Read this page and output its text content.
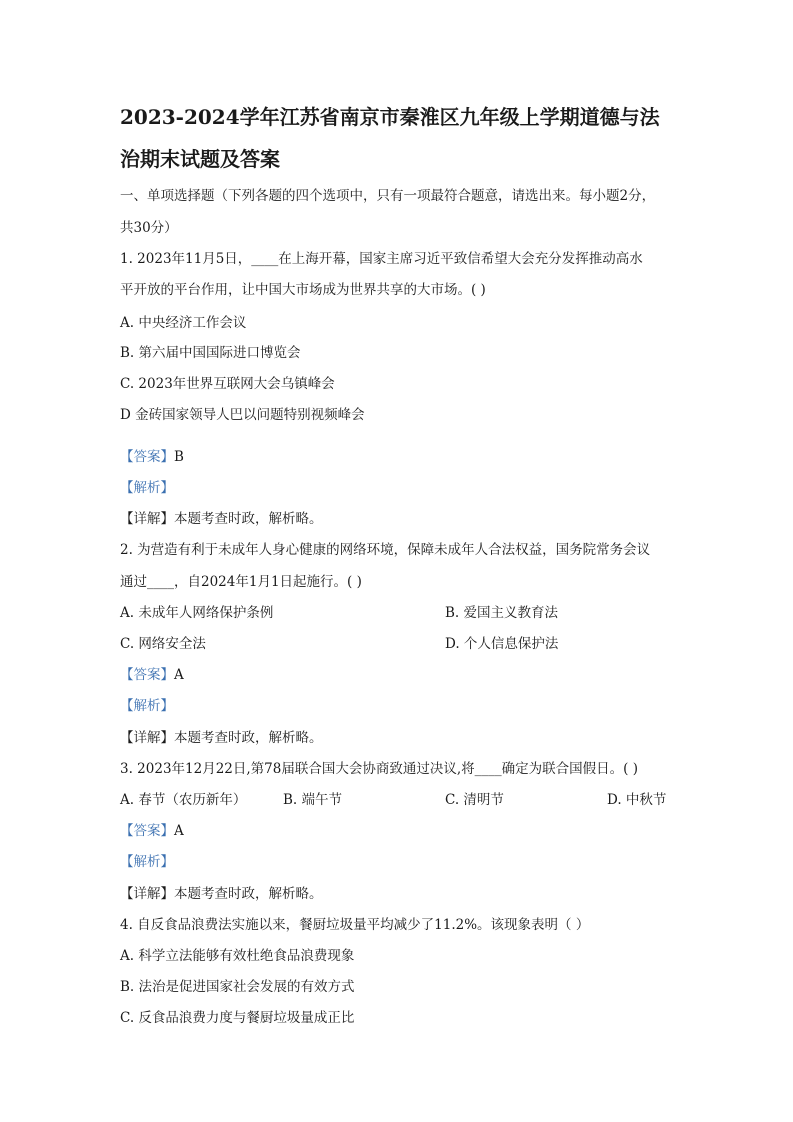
2023-2024学年江苏省南京市秦淮区九年级上学期道德与法
治期末试题及答案
一、单项选择题（下列各题的四个选项中，只有一项最符合题意，请选出来。每小题2分，
共30分）
1. 2023年11月5日，____在上海开幕，国家主席习近平致信希望大会充分发挥推动高水
平开放的平台作用，让中国大市场成为世界共享的大市场。( )
A. 中央经济工作会议
B. 第六届中国国际进口博览会
C. 2023年世界互联网大会乌镇峰会
D 金砖国家领导人巴以问题特别视频峰会
【答案】B
【解析】
【详解】本题考查时政，解析略。
2. 为营造有利于未成年人身心健康的网络环境，保障未成年人合法权益，国务院常务会议
通过____，自2024年1月1日起施行。( )
A. 未成年人网络保护条例	B. 爱国主义教育法
C. 网络安全法	D. 个人信息保护法
【答案】A
【解析】
【详解】本题考查时政，解析略。
3. 2023年12月22日,第78届联合国大会协商致通过决议,将____确定为联合国假日。( )
A. 春节（农历新年）	B. 端午节	C. 清明节	D. 中秋节
【答案】A
【解析】
【详解】本题考查时政，解析略。
4. 自反食品浪费法实施以来，餐厨垃圾量平均减少了11.2%。该现象表明（ ）
A. 科学立法能够有效杜绝食品浪费现象
B. 法治是促进国家社会发展的有效方式
C. 反食品浪费力度与餐厨垃圾量成正比
